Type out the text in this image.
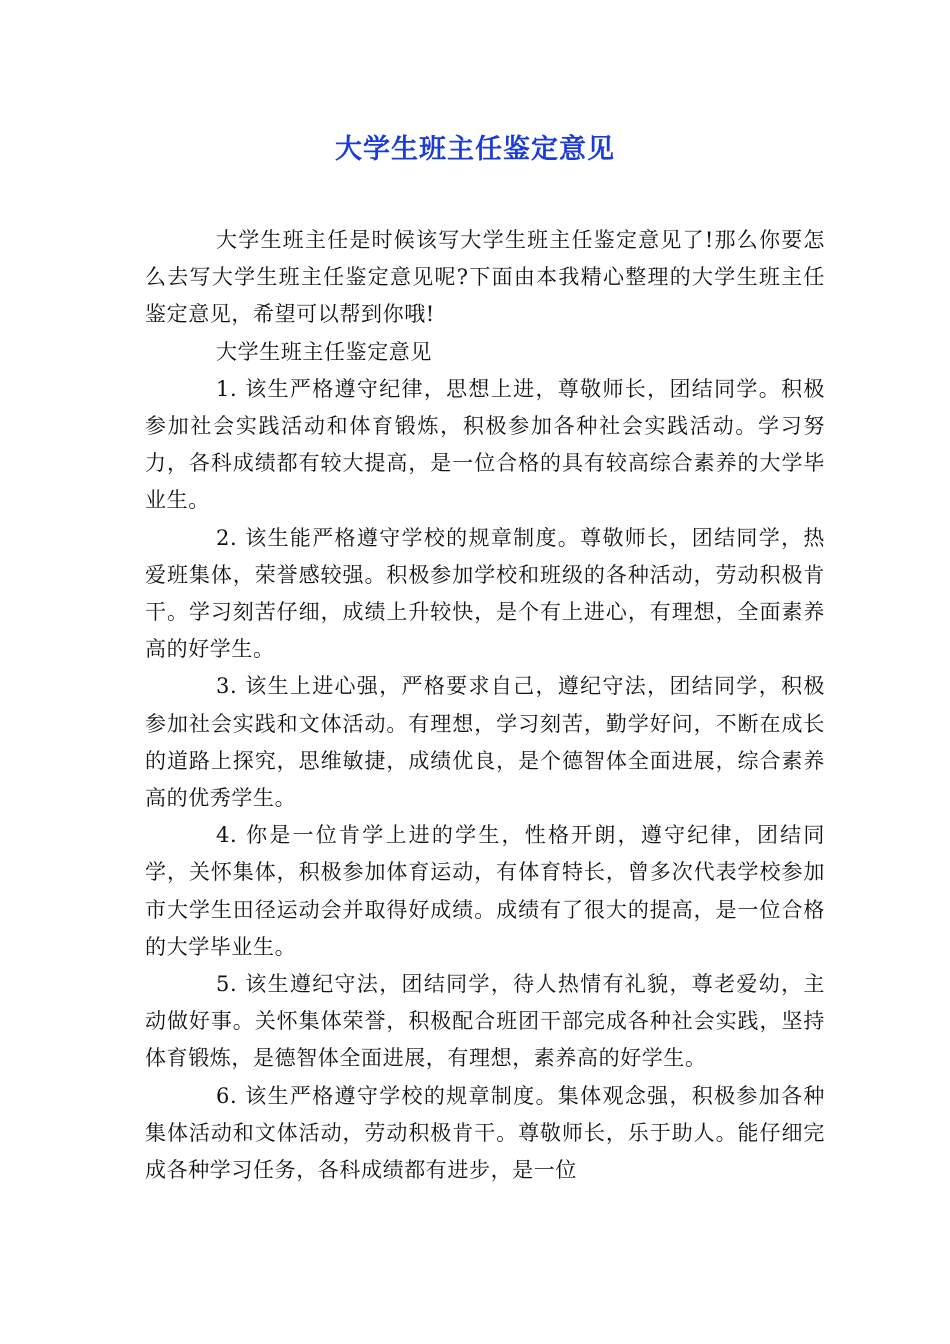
大学生班主任鉴定意见

大学生班主任是时候该写大学生班主任鉴定意见了!那么你要怎么去写大学生班主任鉴定意见呢?下面由本我精心整理的大学生班主任鉴定意见，希望可以帮到你哦!

大学生班主任鉴定意见

1. 该生严格遵守纪律，思想上进，尊敬师长，团结同学。积极参加社会实践活动和体育锻炼，积极参加各种社会实践活动。学习努力，各科成绩都有较大提高，是一位合格的具有较高综合素养的大学毕业生。

2. 该生能严格遵守学校的规章制度。尊敬师长，团结同学，热爱班集体，荣誉感较强。积极参加学校和班级的各种活动，劳动积极肯干。学习刻苦仔细，成绩上升较快，是个有上进心，有理想，全面素养高的好学生。

3. 该生上进心强，严格要求自己，遵纪守法，团结同学，积极参加社会实践和文体活动。有理想，学习刻苦，勤学好问，不断在成长的道路上探究，思维敏捷，成绩优良，是个德智体全面进展，综合素养高的优秀学生。

4. 你是一位肯学上进的学生，性格开朗，遵守纪律，团结同学，关怀集体，积极参加体育运动，有体育特长，曾多次代表学校参加市大学生田径运动会并取得好成绩。成绩有了很大的提高，是一位合格的大学毕业生。

5. 该生遵纪守法，团结同学，待人热情有礼貌，尊老爱幼，主动做好事。关怀集体荣誉，积极配合班团干部完成各种社会实践，坚持体育锻炼，是德智体全面进展，有理想，素养高的好学生。

6. 该生严格遵守学校的规章制度。集体观念强，积极参加各种集体活动和文体活动，劳动积极肯干。尊敬师长，乐于助人。能仔细完成各种学习任务，各科成绩都有进步，是一位
